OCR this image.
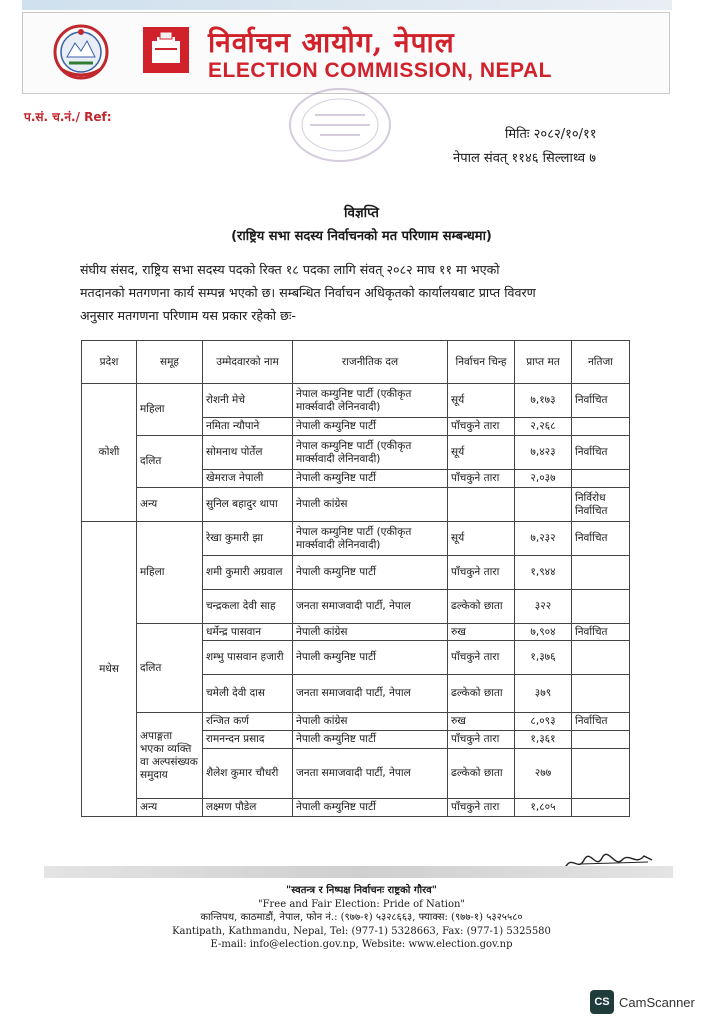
निर्वाचन आयोग, नेपाल
ELECTION COMMISSION, NEPAL
प.सं. च.नं./ Ref:
मितिः २०८२/१०/११
नेपाल संवत् ११४६ सिल्लाथ्व ७
विज्ञप्ति
(राष्ट्रिय सभा सदस्य निर्वाचनको मत परिणाम सम्बन्धमा)
संघीय संसद, राष्ट्रिय सभा सदस्य पदको रिक्त १८ पदका लागि संवत् २०८२ माघ ११ मा भएको
मतदानको मतगणना कार्य सम्पन्न भएको छ। सम्बन्धित निर्वाचन अधिकृतको कार्यालयबाट प्राप्त विवरण
अनुसार मतगणना परिणाम यस प्रकार रहेको छः-
प्रदेश	समूह	उम्मेदवारको नाम	राजनीतिक दल	निर्वाचन चिन्ह	प्राप्त मत	नतिजा
कोशी	महिला	रोशनी मेचे	नेपाल कम्युनिष्ट पार्टी (एकीकृत मार्क्सवादी लेनिनवादी)	सूर्य	७,१७३	निर्वाचित
		नमिता न्यौपाने	नेपाली कम्युनिष्ट पार्टी	पाँचकुने तारा	२,२६८	
	दलित	सोमनाथ पोर्तेल	नेपाल कम्युनिष्ट पार्टी (एकीकृत मार्क्सवादी लेनिनवादी)	सूर्य	७,४२३	निर्वाचित
		खेमराज नेपाली	नेपाली कम्युनिष्ट पार्टी	पाँचकुने तारा	२,०३७	
	अन्य	सुनिल बहादुर थापा	नेपाली कांग्रेस			निर्विरोध निर्वाचित
मधेस	महिला	रेखा कुमारी झा	नेपाल कम्युनिष्ट पार्टी (एकीकृत मार्क्सवादी लेनिनवादी)	सूर्य	७,२३२	निर्वाचित
		शमी कुमारी अग्रवाल	नेपाली कम्युनिष्ट पार्टी	पाँचकुने तारा	१,९४४	
		चन्द्रकला देवी साह	जनता समाजवादी पार्टी, नेपाल	ढल्केको छाता	३२२	
	दलित	धर्मेन्द्र पासवान	नेपाली कांग्रेस	रुख	७,९०४	निर्वाचित
		शम्भु पासवान हजारी	नेपाली कम्युनिष्ट पार्टी	पाँचकुने तारा	१,३७६	
		चमेली देवी दास	जनता समाजवादी पार्टी, नेपाल	ढल्केको छाता	३७९	
	अपाङ्गता भएका व्यक्ति वा अल्पसंख्यक समुदाय	रन्जित कर्ण	नेपाली कांग्रेस	रुख	८,०९३	निर्वाचित
		रामनन्दन प्रसाद	नेपाली कम्युनिष्ट पार्टी	पाँचकुने तारा	१,३६१	
		शैलेश कुमार चौधरी	जनता समाजवादी पार्टी, नेपाल	ढल्केको छाता	२७७	
	अन्य	लक्ष्मण पौडेल	नेपाली कम्युनिष्ट पार्टी	पाँचकुने तारा	१,८०५	
"स्वतन्त्र र निष्पक्ष निर्वाचनः राष्ट्रको गौरव"
"Free and Fair Election: Pride of Nation"
कान्तिपथ, काठमाडौं, नेपाल, फोन नं.: (९७७-१) ५३२८६६३, फ्याक्स: (९७७-१) ५३२५५८०
Kantipath, Kathmandu, Nepal, Tel: (977-1) 5328663, Fax: (977-1) 5325580
E-mail: info@election.gov.np, Website: www.election.gov.np
CS CamScanner
